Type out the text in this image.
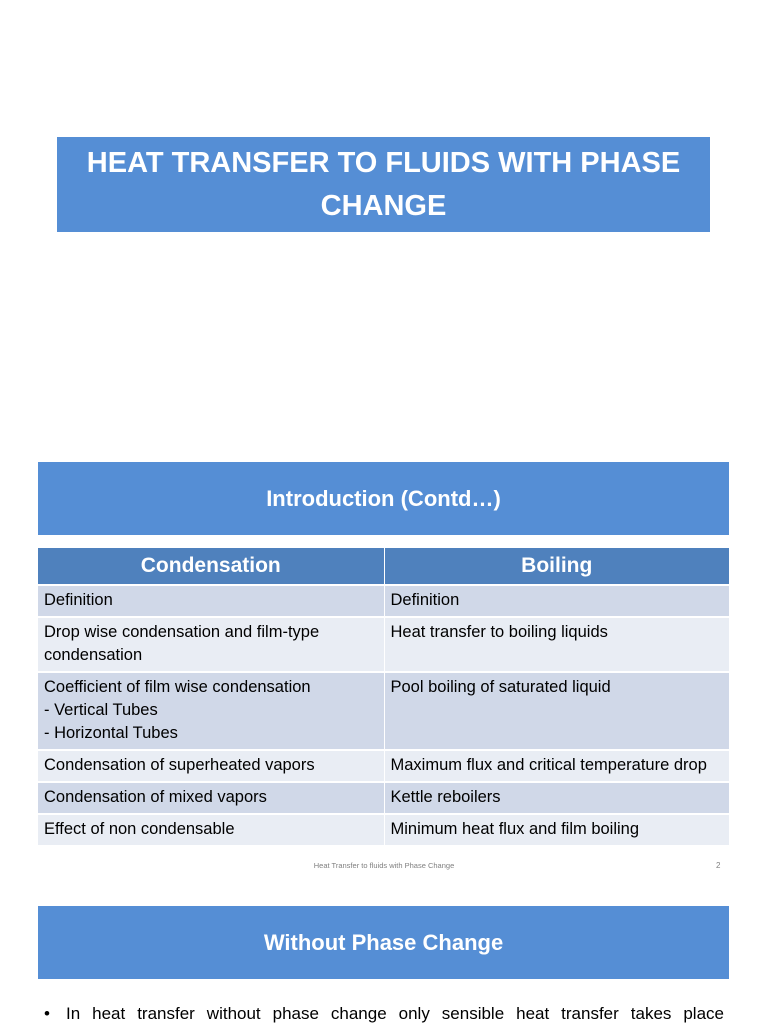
HEAT TRANSFER TO FLUIDS WITH PHASE CHANGE
Introduction (Contd…)
Condensation	Boiling

Definition	Definition

Drop wise condensation and film-type condensation	Heat transfer to boiling liquids

Coefficient of film wise condensation
- Vertical Tubes
- Horizontal Tubes	Pool boiling of saturated liquid

Condensation of superheated vapors	Maximum flux and critical temperature drop

Condensation of mixed vapors	Kettle reboilers

Effect of non condensable	Minimum heat flux and film boiling
Heat Transfer to fluids with Phase Change	2
Without Phase Change
• In heat transfer without phase change only sensible heat transfer takes place
